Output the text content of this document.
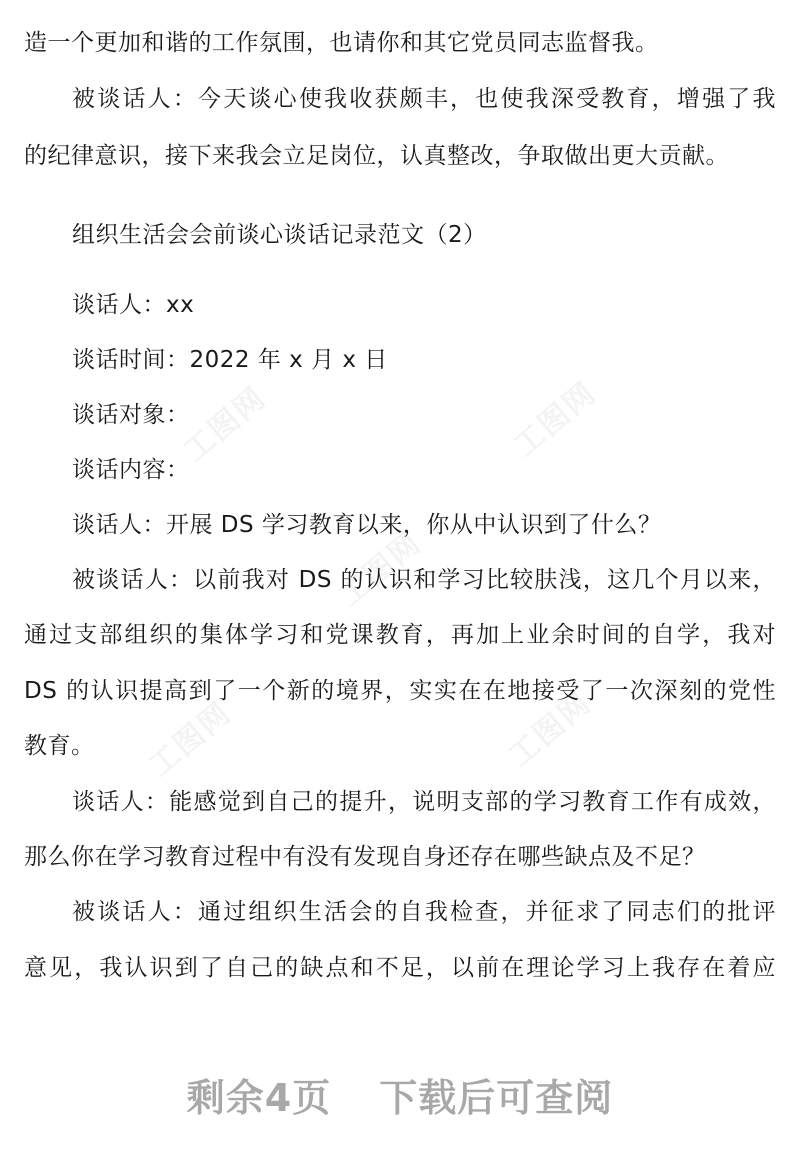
工图网
工图网
工图网
工图网	工图网
造一个更加和谐的工作氛围，也请你和其它党员同志监督我。
被谈话人：今天谈心使我收获颇丰，也使我深受教育，增强了我
的纪律意识，接下来我会立足岗位，认真整改，争取做出更大贡献。
组织生活会会前谈心谈话记录范文（2）
谈话人：xx
谈话时间：2022 年 x 月 x 日
谈话对象：
谈话内容：
谈话人：开展 DS 学习教育以来，你从中认识到了什么？
被谈话人：以前我对 DS 的认识和学习比较肤浅，这几个月以来，
通过支部组织的集体学习和党课教育，再加上业余时间的自学，我对
DS 的认识提高到了一个新的境界，实实在在地接受了一次深刻的党性
教育。
谈话人：能感觉到自己的提升，说明支部的学习教育工作有成效，
那么你在学习教育过程中有没有发现自身还存在哪些缺点及不足？
被谈话人：通过组织生活会的自我检查，并征求了同志们的批评
意见，我认识到了自己的缺点和不足，以前在理论学习上我存在着应
剩余4页 下载后可查阅
